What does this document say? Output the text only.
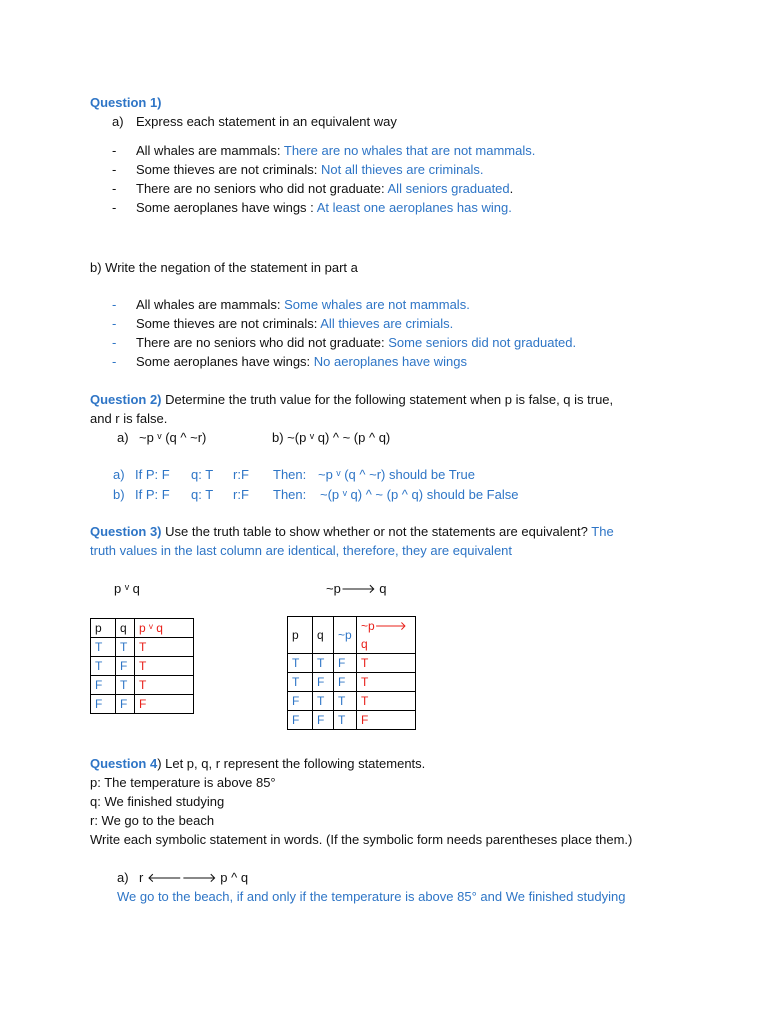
Question 1)
a) Express each statement in an equivalent way
- All whales are mammals: There are no whales that are not mammals.
- Some thieves are not criminals: Not all thieves are criminals.
- There are no seniors who did not graduate: All seniors graduated.
- Some aeroplanes have wings : At least one aeroplanes has wing.
b) Write the negation of the statement in part a
- All whales are mammals: Some whales are not mammals.
- Some thieves are not criminals: All thieves are crimials.
- There are no seniors who did not graduate: Some seniors did not graduated.
- Some aeroplanes have wings: No aeroplanes have wings
Question 2) Determine the truth value for the following statement when p is false, q is true,
and r is false.
a) ~p ᵛ (q ^ ~r)	b) ~(p ᵛ q) ^ ~ (p ^ q)
a) If P: F q: T r:F Then: ~p ᵛ (q ^ ~r) should be True
b) If P: F q: T r:F Then: ~(p ᵛ q) ^ ~ (p ^ q) should be False
Question 3) Use the truth table to show whether or not the statements are equivalent? The
truth values in the last column are identical, therefore, they are equivalent
p ᵛ q	~p🡒 q
p	q	p ᵛ q
T	T	T
T	F	T
F	T	T
F	F	F
p	q	~p	~p🡒 q
T	T	F	T
T	F	F	T
F	T	T	T
F	F	T	F
Question 4) Let p, q, r represent the following statements.
p: The temperature is above 85°
q: We finished studying
r: We go to the beach
Write each symbolic statement in words. (If the symbolic form needs parentheses place them.)
a) r 🡐🡒 p ^ q
We go to the beach, if and only if the temperature is above 85° and We finished studying
